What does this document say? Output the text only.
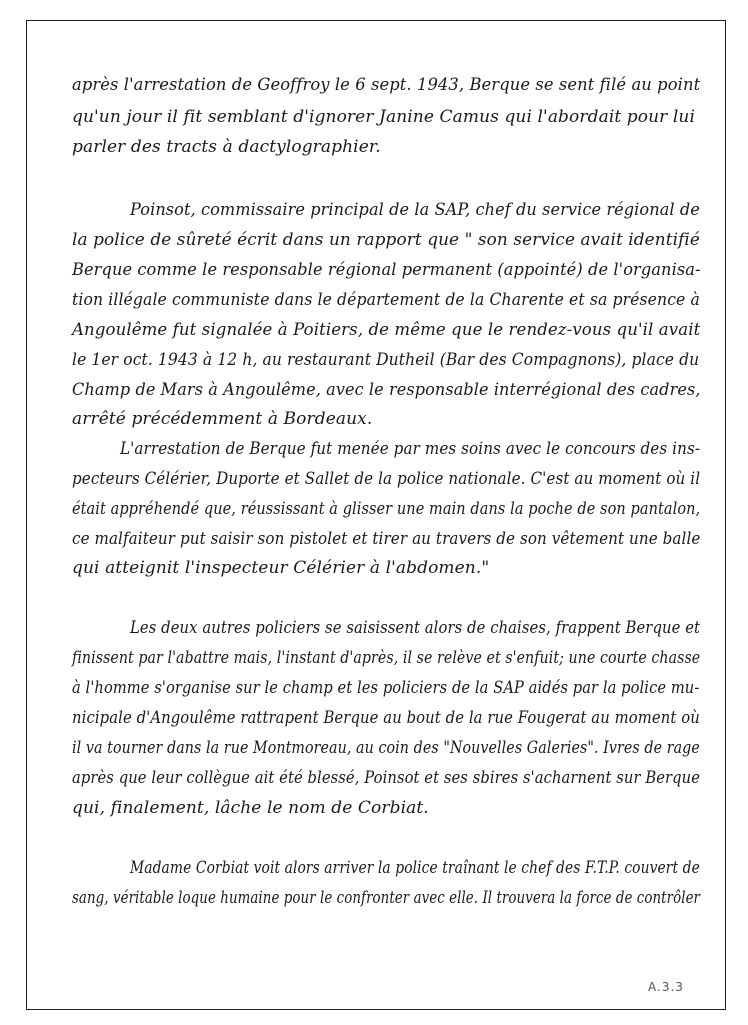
après l'arrestation de Geoffroy le 6 sept. 1943, Berque se sent filé au point
qu'un jour il fit semblant d'ignorer Janine Camus qui l'abordait pour lui
parler des tracts à dactylographier.
Poinsot, commissaire principal de la SAP, chef du service régional de
la police de sûreté écrit dans un rapport que " son service avait identifié
Berque comme le responsable régional permanent (appointé) de l'organisa-
tion illégale communiste dans le département de la Charente et sa présence à
Angoulême fut signalée à Poitiers, de même que le rendez-vous qu'il avait
le 1er oct. 1943 à 12 h, au restaurant Dutheil (Bar des Compagnons), place du
Champ de Mars à Angoulême, avec le responsable interrégional des cadres,
arrêté précédemment à Bordeaux.
L'arrestation de Berque fut menée par mes soins avec le concours des ins-
pecteurs Célérier, Duporte et Sallet de la police nationale. C'est au moment où il
était appréhendé que, réussissant à glisser une main dans la poche de son pantalon,
ce malfaiteur put saisir son pistolet et tirer au travers de son vêtement une balle
qui atteignit l'inspecteur Célérier à l'abdomen."
Les deux autres policiers se saisissent alors de chaises, frappent Berque et
finissent par l'abattre mais, l'instant d'après, il se relève et s'enfuit; une courte chasse
à l'homme s'organise sur le champ et les policiers de la SAP aidés par la police mu-
nicipale d'Angoulême rattrapent Berque au bout de la rue Fougerat au moment où
il va tourner dans la rue Montmoreau, au coin des "Nouvelles Galeries". Ivres de rage
après que leur collègue ait été blessé, Poinsot et ses sbires s'acharnent sur Berque
qui, finalement, lâche le nom de Corbiat.
Madame Corbiat voit alors arriver la police traînant le chef des F.T.P. couvert de
sang, véritable loque humaine pour le confronter avec elle. Il trouvera la force de contrôler
A.3.3
